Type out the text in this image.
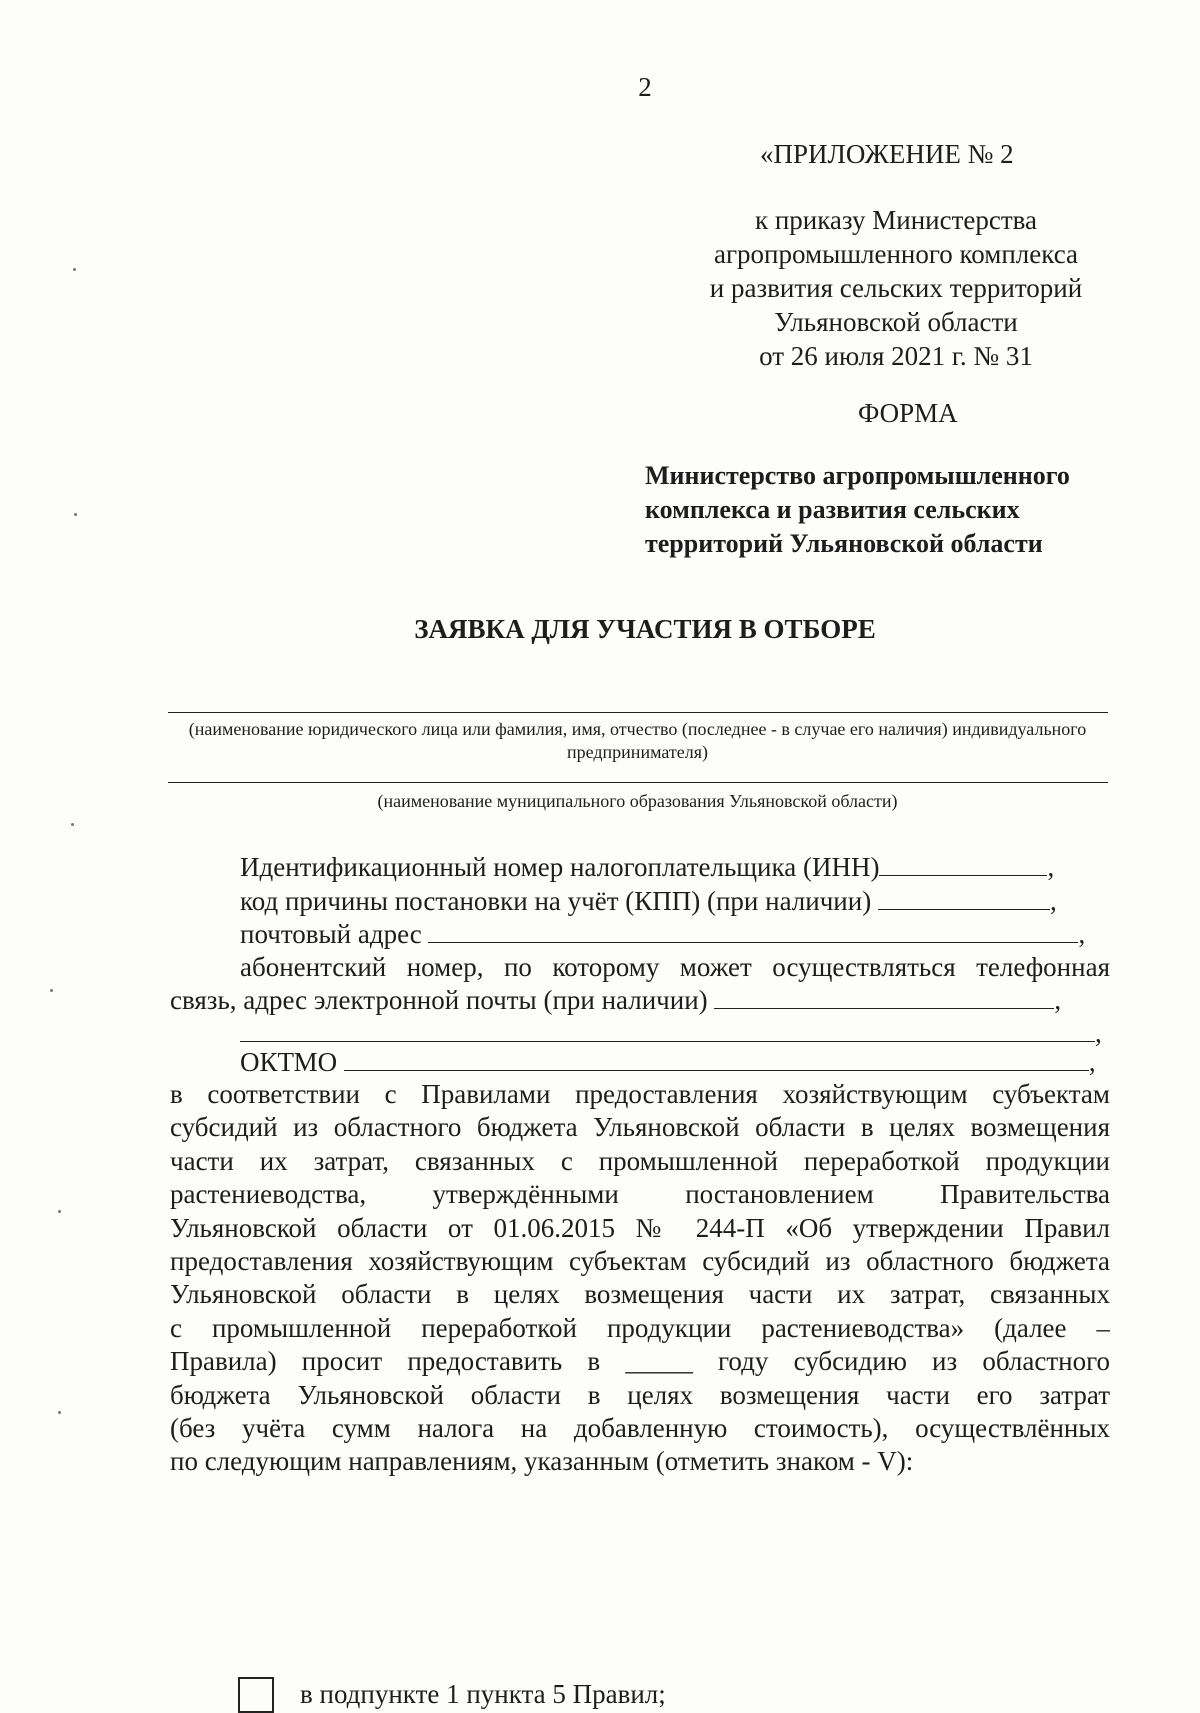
2
«ПРИЛОЖЕНИЕ № 2
к приказу Министерства
агропромышленного комплекса
и развития сельских территорий
Ульяновской области
от 26 июля 2021 г. № 31
ФОРМА
Министерство агропромышленного
комплекса и развития сельских
территорий Ульяновской области
ЗАЯВКА ДЛЯ УЧАСТИЯ В ОТБОРЕ
(наименование юридического лица или фамилия, имя, отчество (последнее - в случае его наличия) индивидуального предпринимателя)
(наименование муниципального образования Ульяновской области)
Идентификационный номер налогоплательщика (ИНН)	,
код причины постановки на учёт (КПП) (при наличии)	,
почтовый адрес	,
абонентский номер, по которому может осуществляться телефонная
связь, адрес электронной почты (при наличии)	,
,
ОКТМО	,
в соответствии с Правилами предоставления хозяйствующим субъектам
субсидий из областного бюджета Ульяновской области в целях возмещения
части их затрат, связанных с промышленной переработкой продукции
растениеводства, утверждёнными постановлением Правительства
Ульяновской области от 01.06.2015 № 244-П «Об утверждении Правил
предоставления хозяйствующим субъектам субсидий из областного бюджета
Ульяновской области в целях возмещения части их затрат, связанных
с промышленной переработкой продукции растениеводства» (далее –
Правила) просит предоставить в _____ году субсидию из областного
бюджета Ульяновской области в целях возмещения части его затрат
(без учёта сумм налога на добавленную стоимость), осуществлённых
по следующим направлениям, указанным (отметить знаком - V):
в подпункте 1 пункта 5 Правил;
